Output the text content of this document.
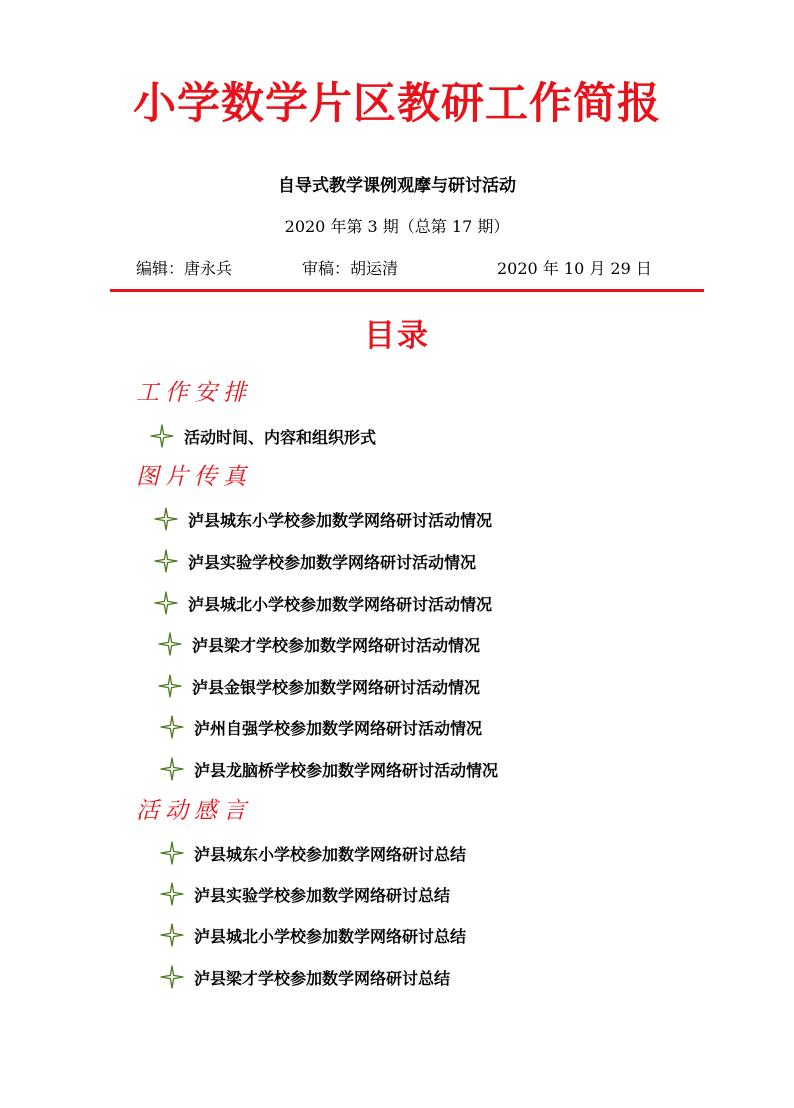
小学数学片区教研工作简报
自导式教学课例观摩与研讨活动
2020 年第 3 期（总第 17 期）
编辑：唐永兵	审稿：胡运清	2020 年 10 月 29 日
目录
工作安排
图片传真
活动感言
活动时间、内容和组织形式
泸县城东小学校参加数学网络研讨活动情况
泸县实验学校参加数学网络研讨活动情况
泸县城北小学校参加数学网络研讨活动情况
泸县梁才学校参加数学网络研讨活动情况
泸县金银学校参加数学网络研讨活动情况
泸州自强学校参加数学网络研讨活动情况
泸县龙脑桥学校参加数学网络研讨活动情况
泸县城东小学校参加数学网络研讨总结
泸县实验学校参加数学网络研讨总结
泸县城北小学校参加数学网络研讨总结
泸县梁才学校参加数学网络研讨总结
